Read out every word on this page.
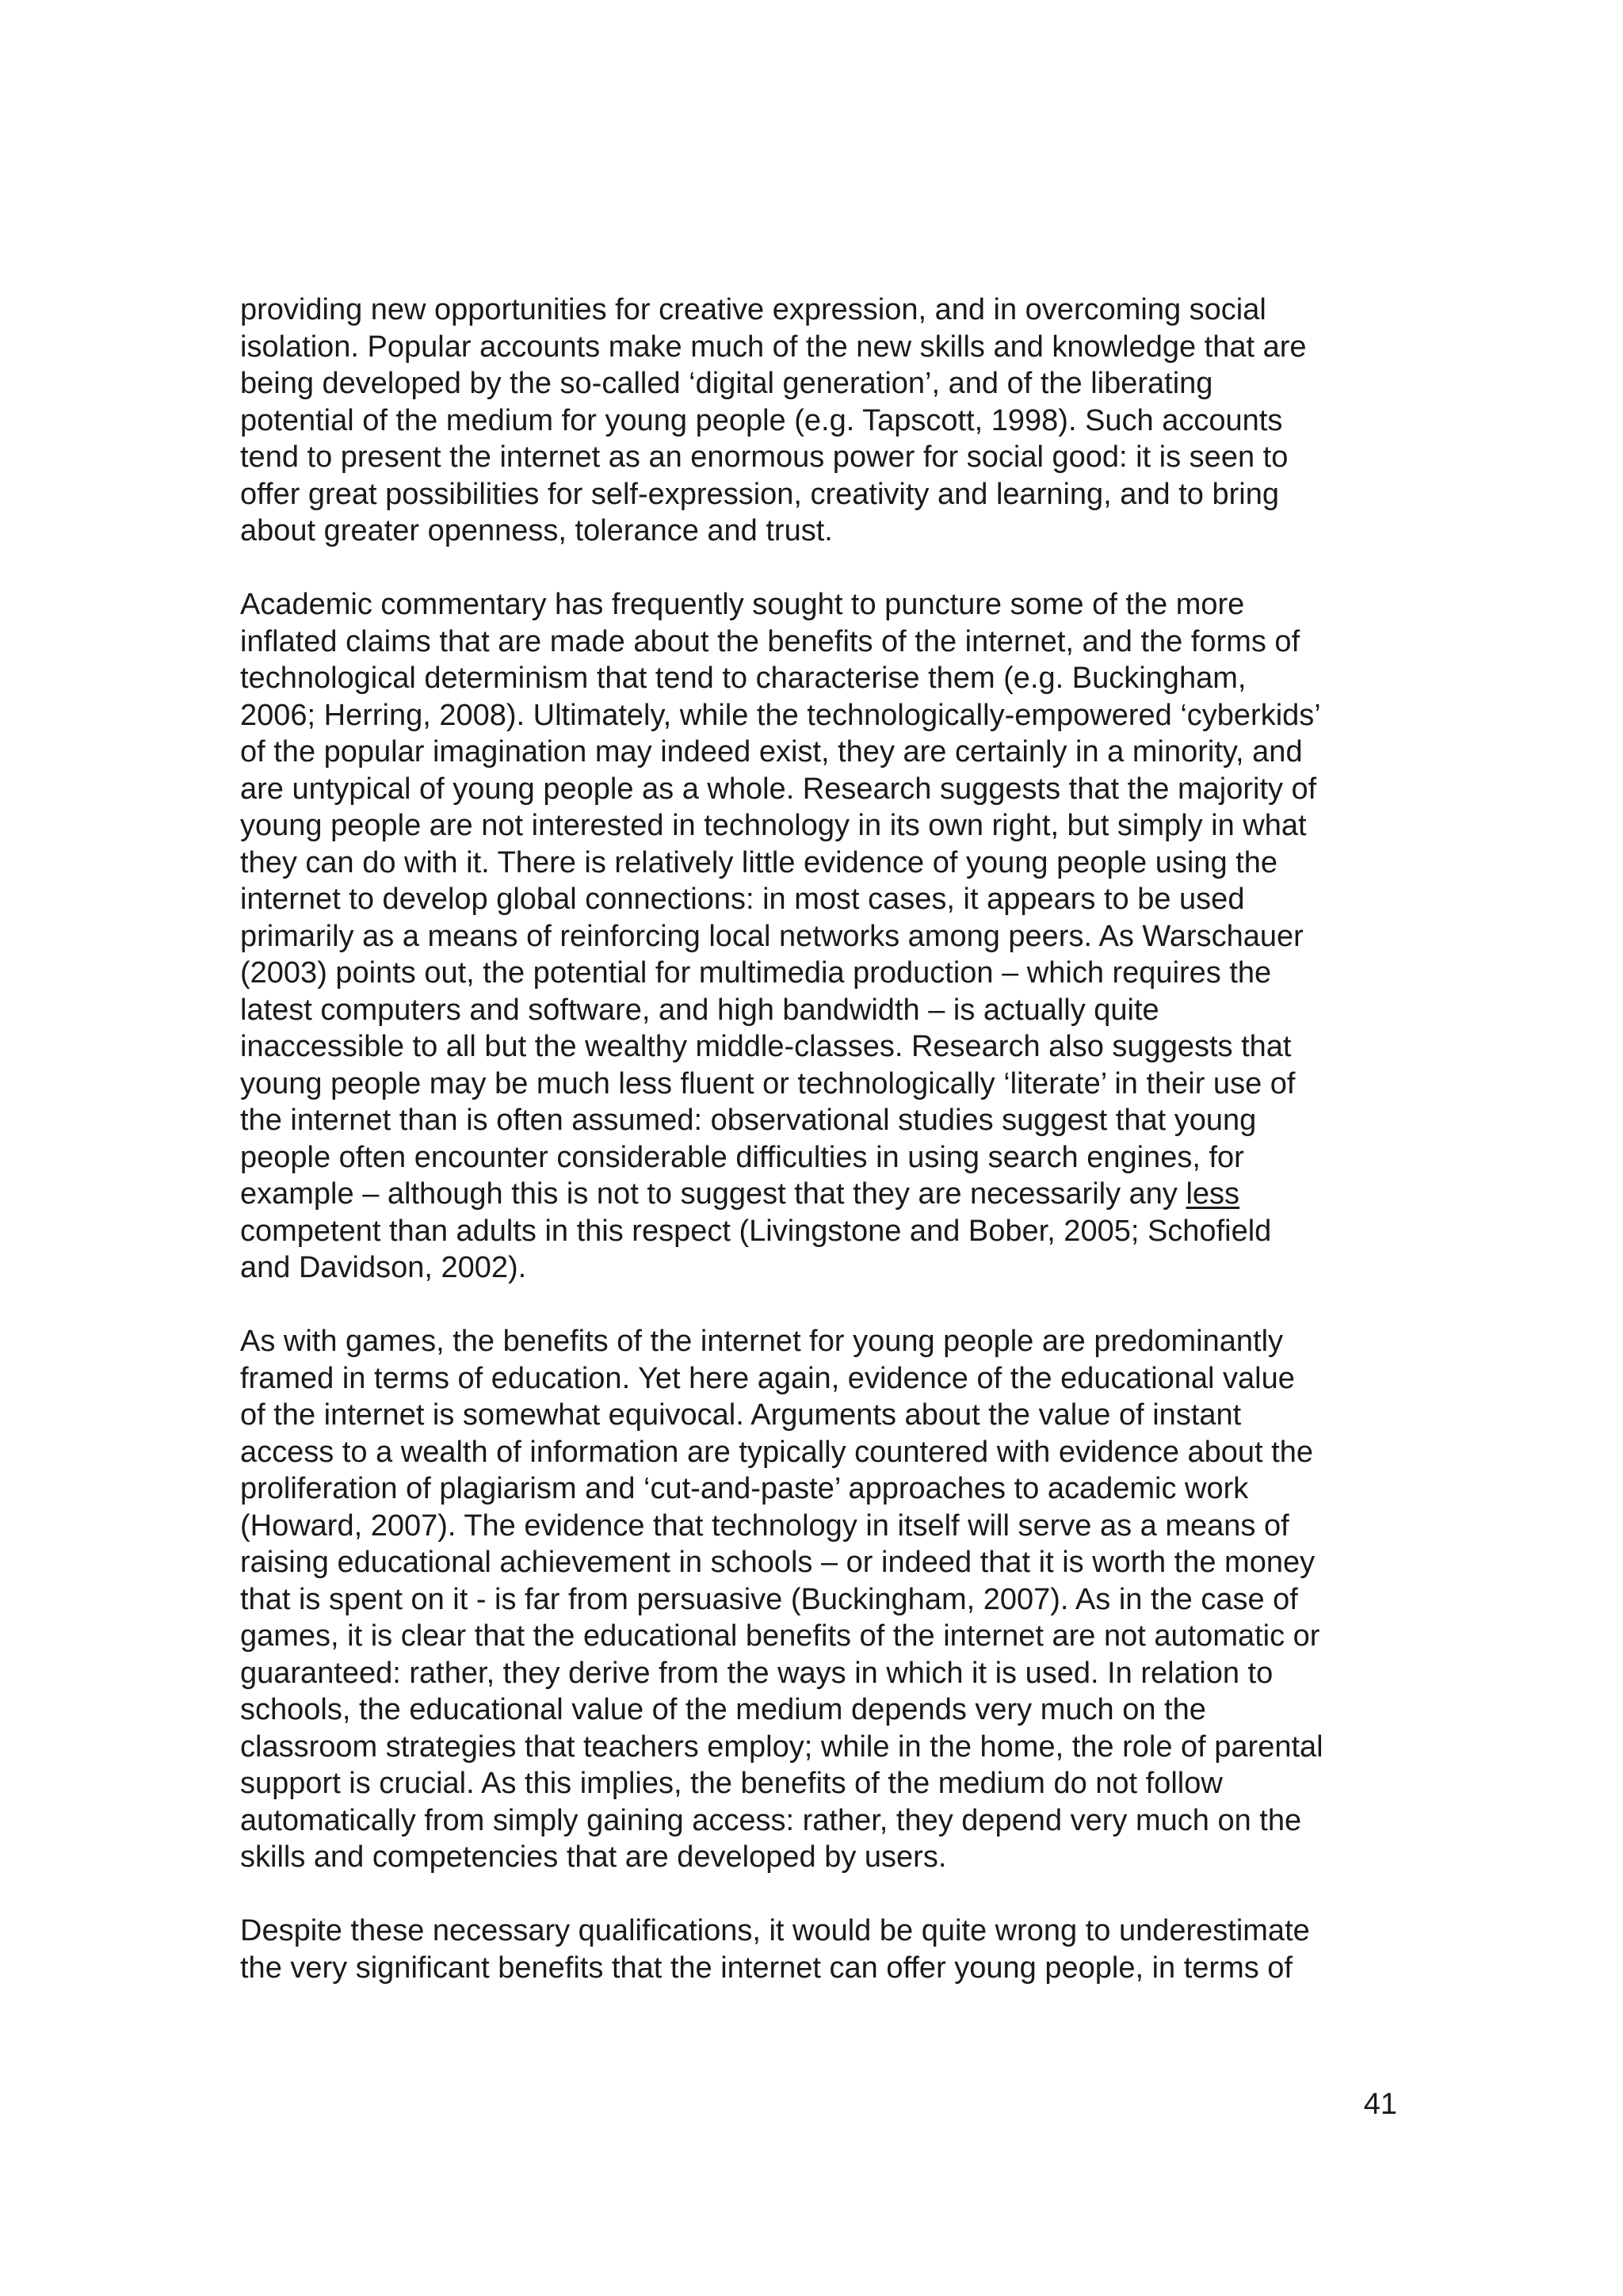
providing new opportunities for creative expression, and in overcoming social
isolation. Popular accounts make much of the new skills and knowledge that are
being developed by the so-called ‘digital generation’, and of the liberating
potential of the medium for young people (e.g. Tapscott, 1998). Such accounts
tend to present the internet as an enormous power for social good: it is seen to
offer great possibilities for self-expression, creativity and learning, and to bring
about greater openness, tolerance and trust.

Academic commentary has frequently sought to puncture some of the more
inflated claims that are made about the benefits of the internet, and the forms of
technological determinism that tend to characterise them (e.g. Buckingham,
2006; Herring, 2008). Ultimately, while the technologically-empowered ‘cyberkids’
of the popular imagination may indeed exist, they are certainly in a minority, and
are untypical of young people as a whole. Research suggests that the majority of
young people are not interested in technology in its own right, but simply in what
they can do with it. There is relatively little evidence of young people using the
internet to develop global connections: in most cases, it appears to be used
primarily as a means of reinforcing local networks among peers. As Warschauer
(2003) points out, the potential for multimedia production – which requires the
latest computers and software, and high bandwidth – is actually quite
inaccessible to all but the wealthy middle-classes. Research also suggests that
young people may be much less fluent or technologically ‘literate’ in their use of
the internet than is often assumed: observational studies suggest that young
people often encounter considerable difficulties in using search engines, for
example – although this is not to suggest that they are necessarily any less
competent than adults in this respect (Livingstone and Bober, 2005; Schofield
and Davidson, 2002).

As with games, the benefits of the internet for young people are predominantly
framed in terms of education. Yet here again, evidence of the educational value
of the internet is somewhat equivocal. Arguments about the value of instant
access to a wealth of information are typically countered with evidence about the
proliferation of plagiarism and ‘cut-and-paste’ approaches to academic work
(Howard, 2007). The evidence that technology in itself will serve as a means of
raising educational achievement in schools – or indeed that it is worth the money
that is spent on it - is far from persuasive (Buckingham, 2007). As in the case of
games, it is clear that the educational benefits of the internet are not automatic or
guaranteed: rather, they derive from the ways in which it is used. In relation to
schools, the educational value of the medium depends very much on the
classroom strategies that teachers employ; while in the home, the role of parental
support is crucial. As this implies, the benefits of the medium do not follow
automatically from simply gaining access: rather, they depend very much on the
skills and competencies that are developed by users.

Despite these necessary qualifications, it would be quite wrong to underestimate
the very significant benefits that the internet can offer young people, in terms of

41
